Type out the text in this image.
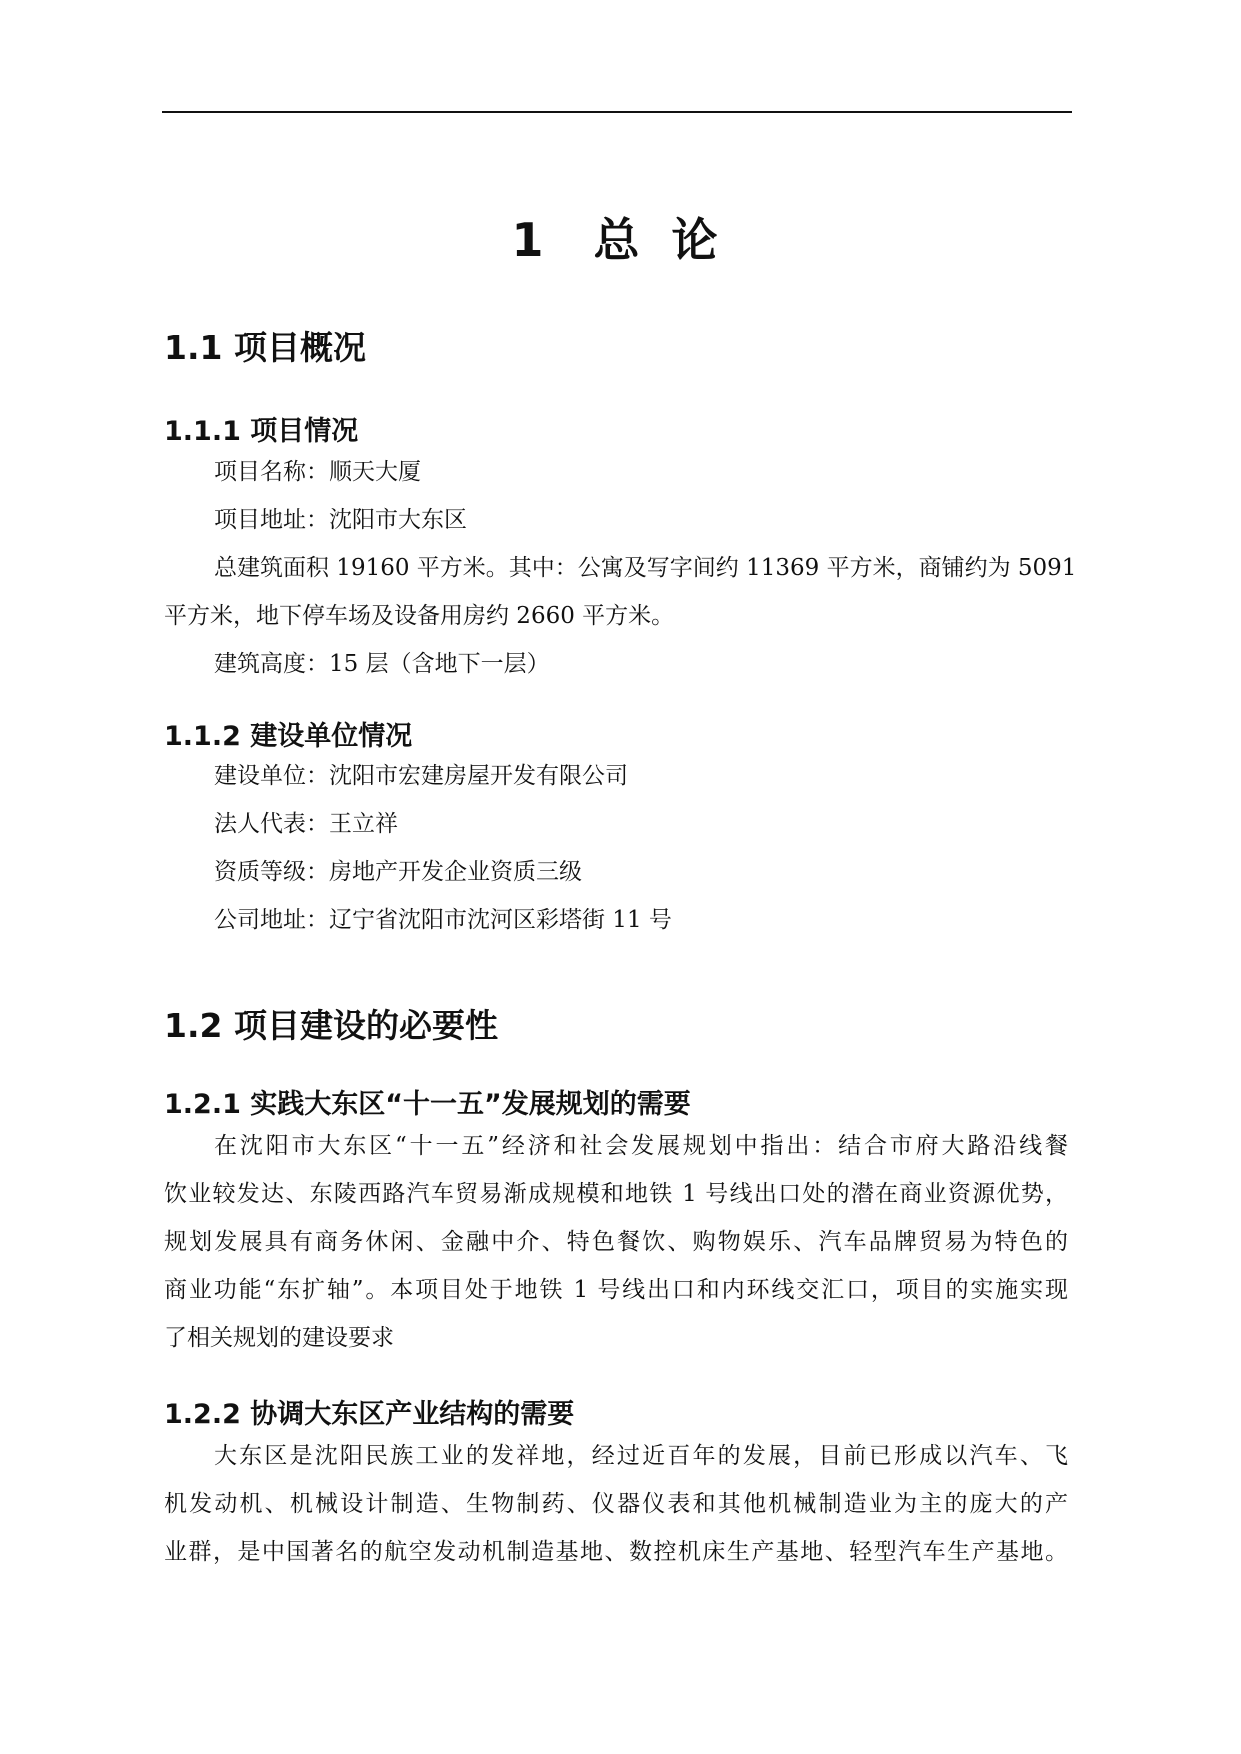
1 总 论
1.1 项目概况
1.1.1 项目情况
项目名称：顺天大厦
项目地址：沈阳市大东区
总建筑面积 19160 平方米。其中：公寓及写字间约 11369 平方米，商铺约为 5091
平方米，地下停车场及设备用房约 2660 平方米。
建筑高度：15 层（含地下一层）
1.1.2 建设单位情况
建设单位：沈阳市宏建房屋开发有限公司
法人代表：王立祥
资质等级：房地产开发企业资质三级
公司地址：辽宁省沈阳市沈河区彩塔街 11 号
1.2 项目建设的必要性
1.2.1 实践大东区“十一五”发展规划的需要
在沈阳市大东区“十一五”经济和社会发展规划中指出：结合市府大路沿线餐
饮业较发达、东陵西路汽车贸易渐成规模和地铁 1 号线出口处的潜在商业资源优势，
规划发展具有商务休闲、金融中介、特色餐饮、购物娱乐、汽车品牌贸易为特色的
商业功能“东扩轴”。本项目处于地铁 1 号线出口和内环线交汇口，项目的实施实现
了相关规划的建设要求
1.2.2 协调大东区产业结构的需要
大东区是沈阳民族工业的发祥地，经过近百年的发展，目前已形成以汽车、飞
机发动机、机械设计制造、生物制药、仪器仪表和其他机械制造业为主的庞大的产
业群，是中国著名的航空发动机制造基地、数控机床生产基地、轻型汽车生产基地。
